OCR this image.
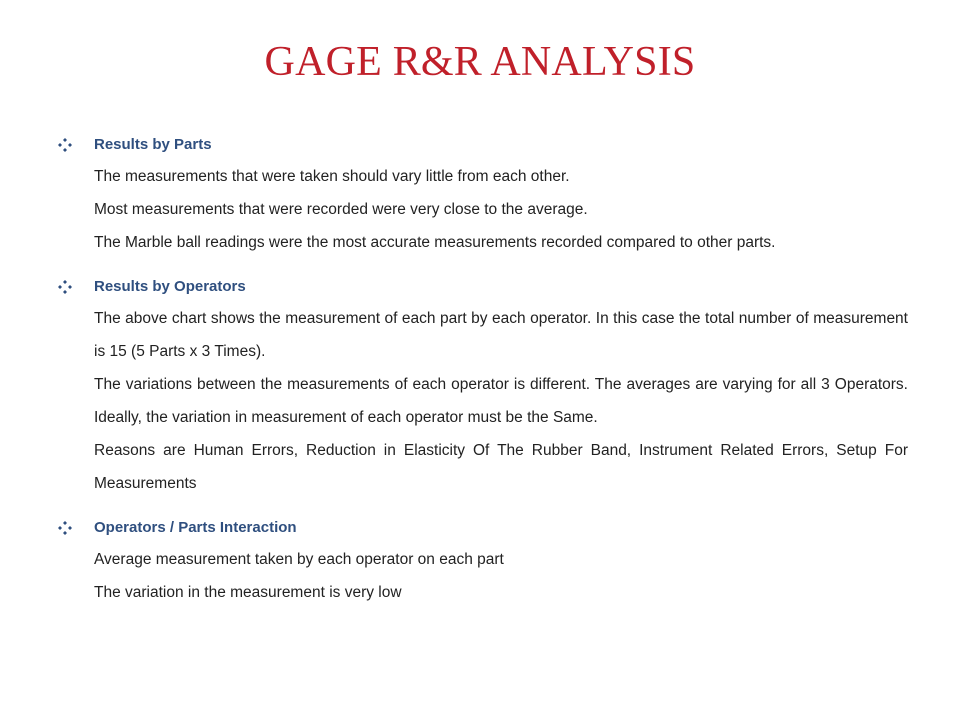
GAGE R&R ANALYSIS
Results by Parts

The measurements that were taken should vary little from each other.

Most measurements that were recorded were very close to the average.

The Marble ball readings were the most accurate measurements recorded compared to other parts.

Results by Operators

The above chart shows the measurement of each part by each operator. In this case the total number of measurement is 15 (5 Parts x 3 Times).

The variations between the measurements of each operator is different. The averages are varying for all 3 Operators. Ideally, the variation in measurement of each operator must be the Same.

Reasons are Human Errors, Reduction in Elasticity Of The Rubber Band, Instrument Related Errors, Setup For Measurements

Operators / Parts Interaction

Average measurement taken by each operator on each part

The variation in the measurement is very low
